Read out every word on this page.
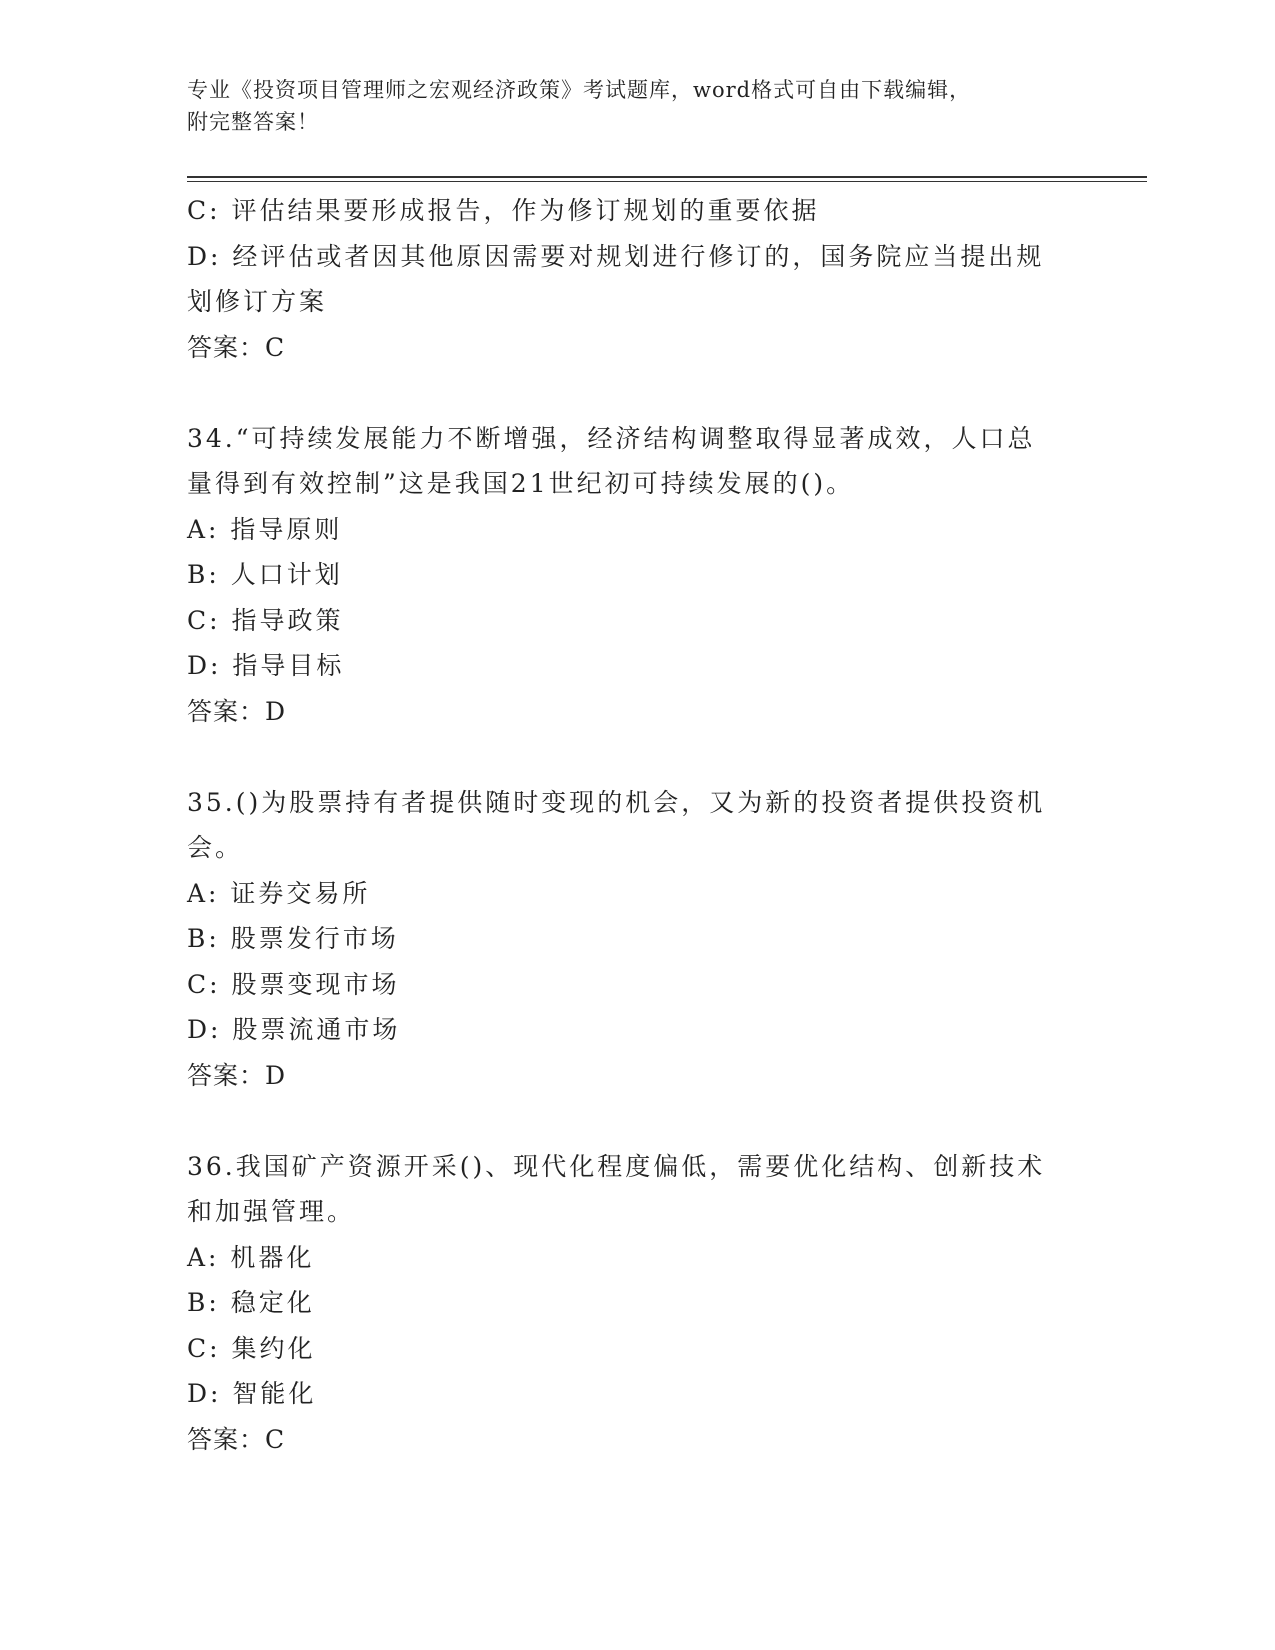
专业《投资项目管理师之宏观经济政策》考试题库，word格式可自由下载编辑，
附完整答案！
C: 评估结果要形成报告，作为修订规划的重要依据
D: 经评估或者因其他原因需要对规划进行修订的，国务院应当提出规
划修订方案
答案：C
34.“可持续发展能力不断增强，经济结构调整取得显著成效，人口总
量得到有效控制”这是我国21世纪初可持续发展的()。
A: 指导原则
B: 人口计划
C: 指导政策
D: 指导目标
答案：D
35.()为股票持有者提供随时变现的机会，又为新的投资者提供投资机
会。
A: 证券交易所
B: 股票发行市场
C: 股票变现市场
D: 股票流通市场
答案：D
36.我国矿产资源开采()、现代化程度偏低，需要优化结构、创新技术
和加强管理。
A: 机器化
B: 稳定化
C: 集约化
D: 智能化
答案：C
